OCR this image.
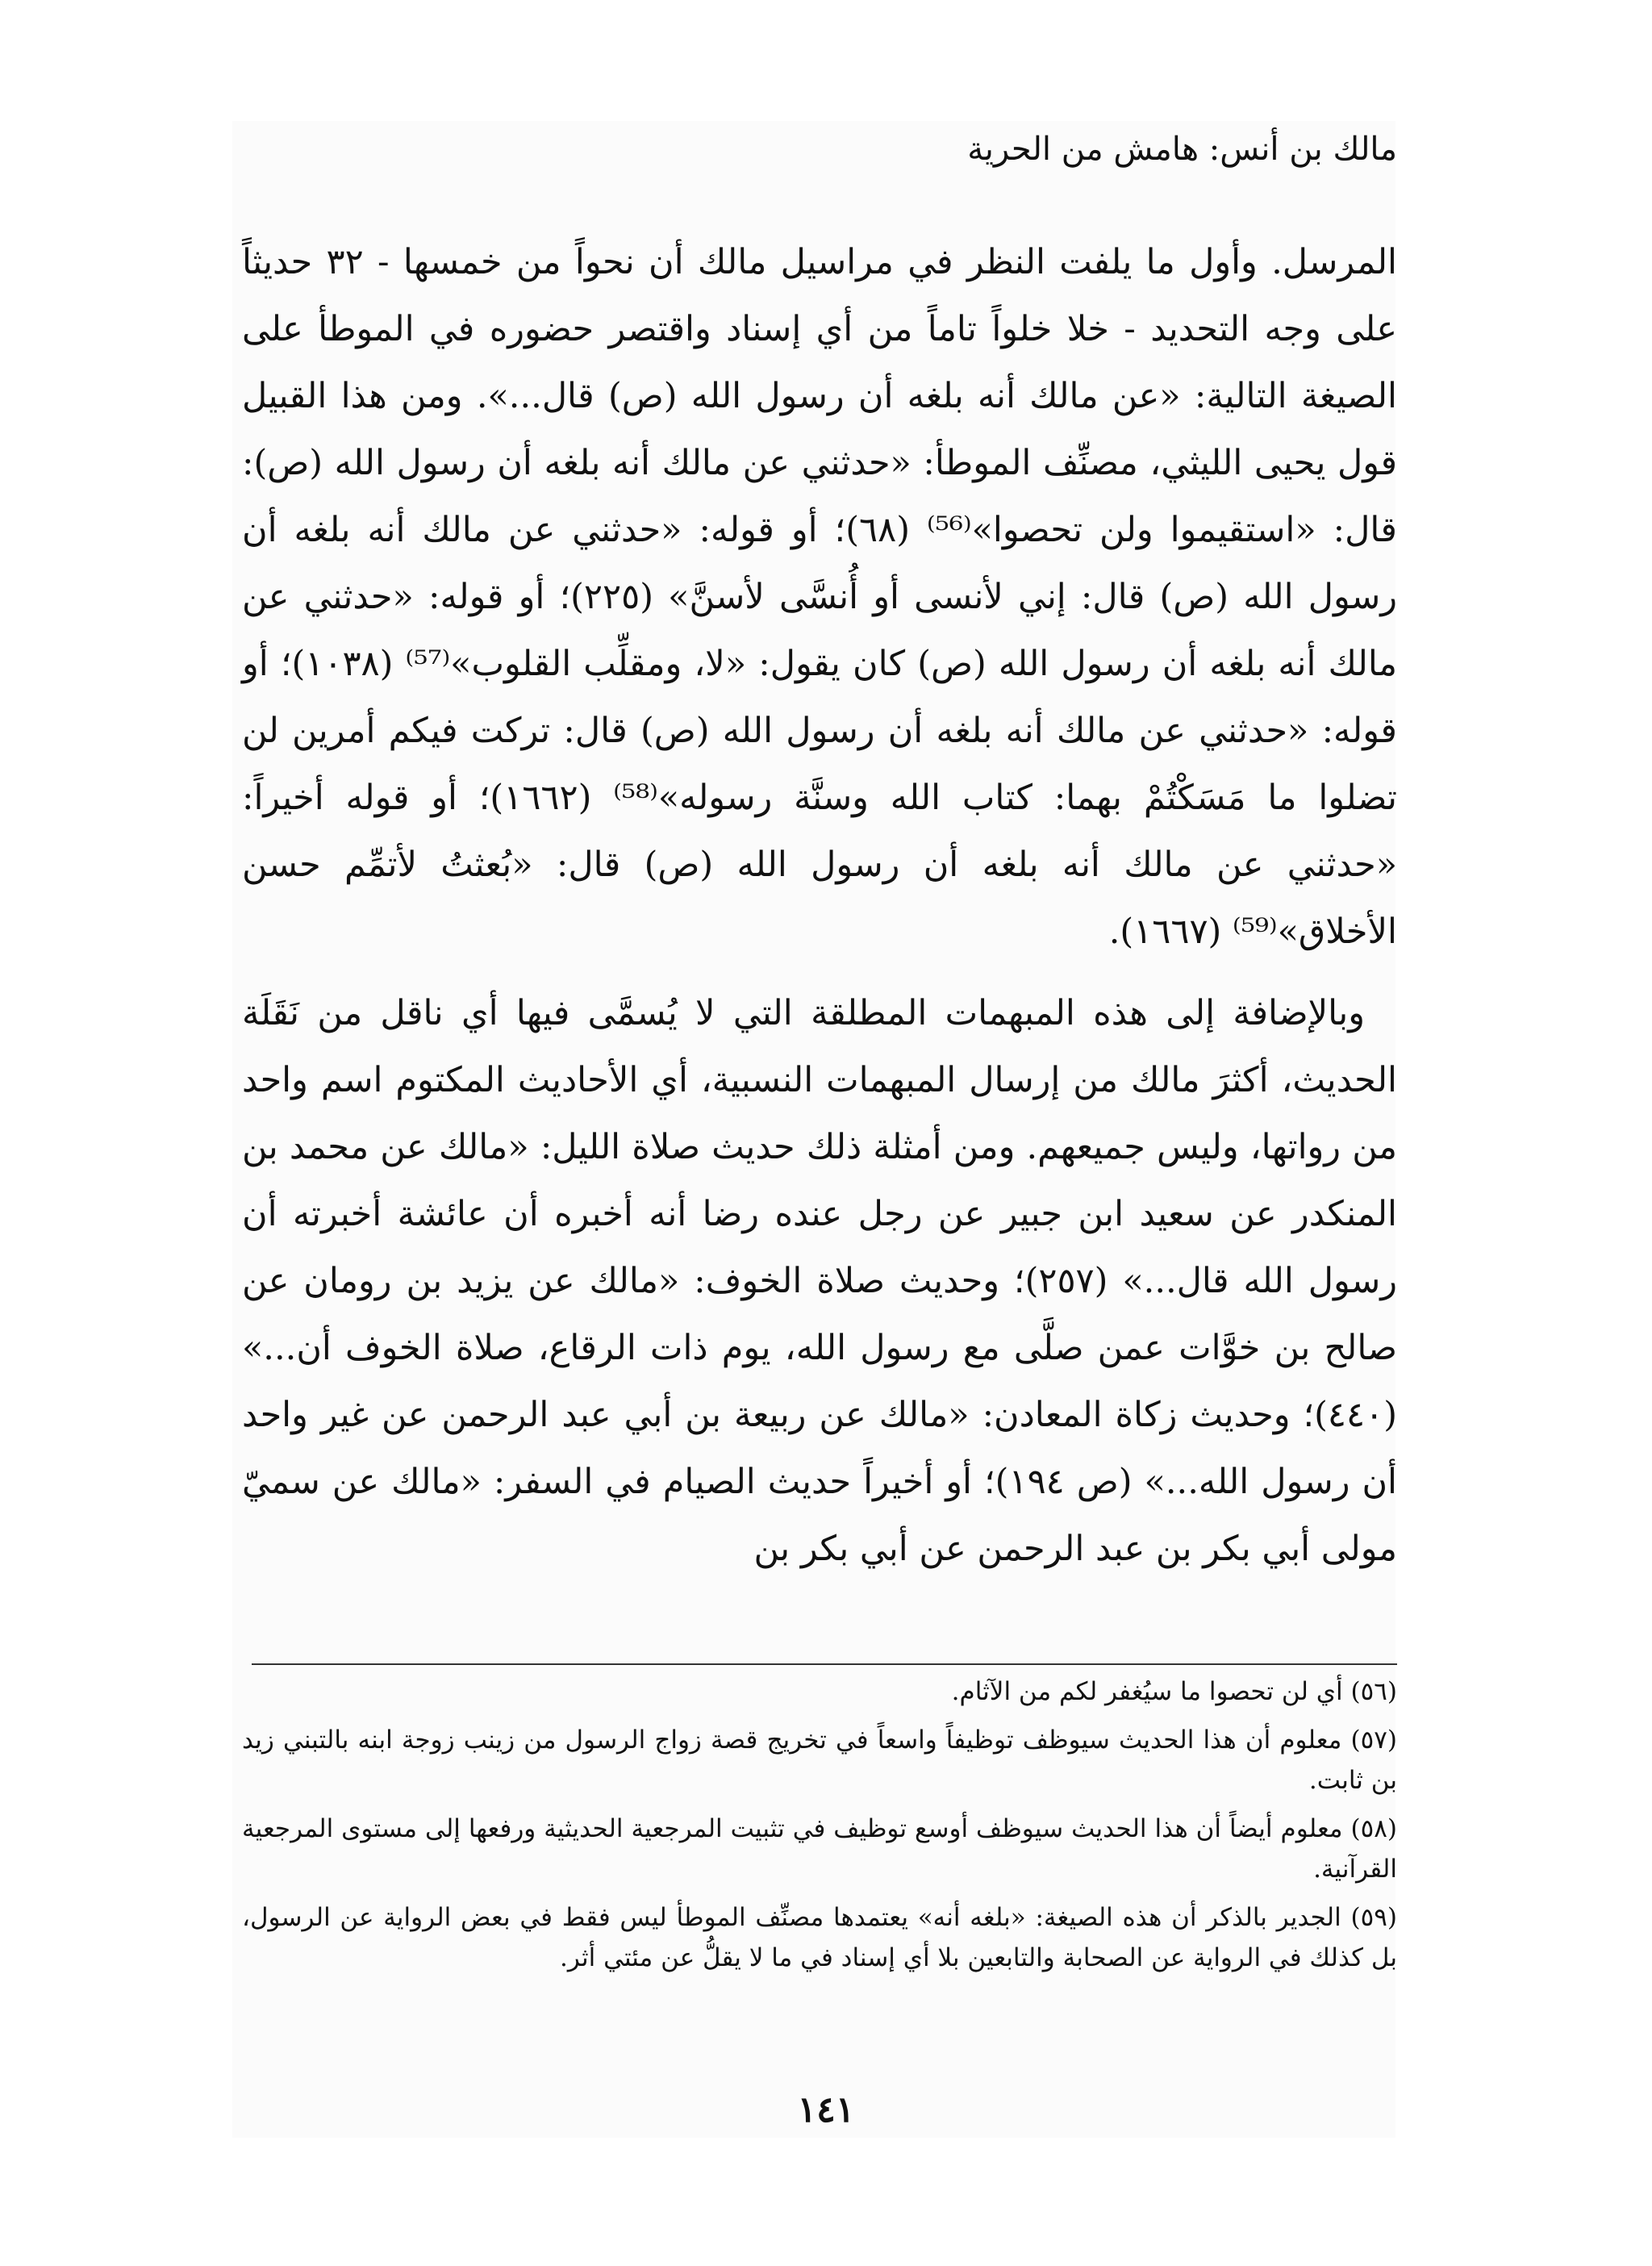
مالك بن أنس: هامش من الحرية

المرسل. وأول ما يلفت النظر في مراسيل مالك أن نحواً من خمسها - ٣٢ حديثاً على وجه التحديد - خلا خلواً تاماً من أي إسناد واقتصر حضوره في الموطأ على الصيغة التالية: «عن مالك أنه بلغه أن رسول الله (ص) قال...». ومن هذا القبيل قول يحيى الليثي، مصنِّف الموطأ: «حدثني عن مالك أنه بلغه أن رسول الله (ص): قال: «استقيموا ولن تحصوا»⁽⁵⁶⁾ (٦٨)؛ أو قوله: «حدثني عن مالك أنه بلغه أن رسول الله (ص) قال: إني لأنسى أو أُنسَّى لأسنَّ» (٢٢٥)؛ أو قوله: «حدثني عن مالك أنه بلغه أن رسول الله (ص) كان يقول: «لا، ومقلِّب القلوب»⁽⁵⁷⁾ (١٠٣٨)؛ أو قوله: «حدثني عن مالك أنه بلغه أن رسول الله (ص) قال: تركت فيكم أمرين لن تضلوا ما مَسَكْتُمْ بهما: كتاب الله وسنَّة رسوله»⁽⁵⁸⁾ (١٦٦٢)؛ أو قوله أخيراً: «حدثني عن مالك أنه بلغه أن رسول الله (ص) قال: «بُعثتُ لأتمِّم حسن الأخلاق»⁽⁵⁹⁾ (١٦٦٧).

وبالإضافة إلى هذه المبهمات المطلقة التي لا يُسمَّى فيها أي ناقل من نَقَلَة الحديث، أكثرَ مالك من إرسال المبهمات النسبية، أي الأحاديث المكتوم اسم واحد من رواتها، وليس جميعهم. ومن أمثلة ذلك حديث صلاة الليل: «مالك عن محمد بن المنكدر عن سعيد ابن جبير عن رجل عنده رضا أنه أخبره أن عائشة أخبرته أن رسول الله قال...» (٢٥٧)؛ وحديث صلاة الخوف: «مالك عن يزيد بن رومان عن صالح بن خوَّات عمن صلَّى مع رسول الله، يوم ذات الرقاع، صلاة الخوف أن...» (٤٤٠)؛ وحديث زكاة المعادن: «مالك عن ربيعة بن أبي عبد الرحمن عن غير واحد أن رسول الله...» (ص ١٩٤)؛ أو أخيراً حديث الصيام في السفر: «مالك عن سميّ مولى أبي بكر بن عبد الرحمن عن أبي بكر بن

(٥٦) أي لن تحصوا ما سيُغفر لكم من الآثام.

(٥٧) معلوم أن هذا الحديث سيوظف توظيفاً واسعاً في تخريج قصة زواج الرسول من زينب زوجة ابنه بالتبني زيد بن ثابت.

(٥٨) معلوم أيضاً أن هذا الحديث سيوظف أوسع توظيف في تثبيت المرجعية الحديثية ورفعها إلى مستوى المرجعية القرآنية.

(٥٩) الجدير بالذكر أن هذه الصيغة: «بلغه أنه» يعتمدها مصنِّف الموطأ ليس فقط في بعض الرواية عن الرسول، بل كذلك في الرواية عن الصحابة والتابعين بلا أي إسناد في ما لا يقلُّ عن مئتي أثر.

١٤١
